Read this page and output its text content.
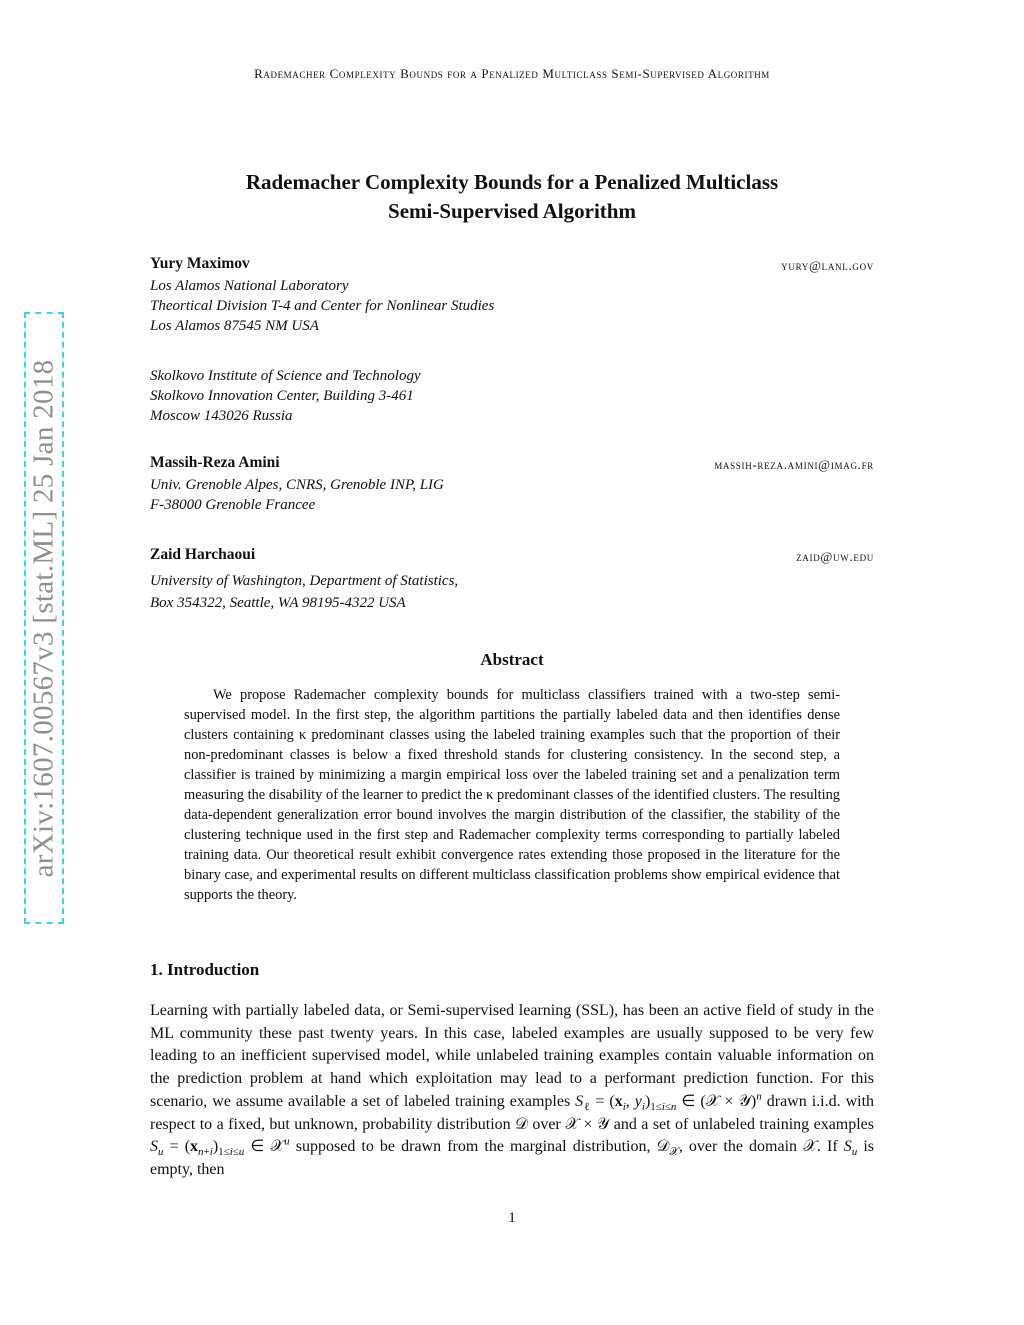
Rademacher Complexity Bounds for a Penalized Multiclass Semi-Supervised Algorithm
arXiv:1607.00567v3 [stat.ML] 25 Jan 2018
Rademacher Complexity Bounds for a Penalized Multiclass
Semi-Supervised Algorithm
Yury Maximov	yury@lanl.gov
Los Alamos National Laboratory
Theortical Division T-4 and Center for Nonlinear Studies
Los Alamos 87545 NM USA
Skolkovo Institute of Science and Technology
Skolkovo Innovation Center, Building 3-461
Moscow 143026 Russia
Massih-Reza Amini	massih-reza.amini@imag.fr
Univ. Grenoble Alpes, CNRS, Grenoble INP, LIG
F-38000 Grenoble Francee
Zaid Harchaoui	zaid@uw.edu
University of Washington, Department of Statistics,
Box 354322, Seattle, WA 98195-4322 USA
Abstract
We propose Rademacher complexity bounds for multiclass classifiers trained with a two-step semi-supervised model. In the first step, the algorithm partitions the partially labeled data and then identifies dense clusters containing κ predominant classes using the labeled training examples such that the proportion of their non-predominant classes is below a fixed threshold stands for clustering consistency. In the second step, a classifier is trained by minimizing a margin empirical loss over the labeled training set and a penalization term measuring the disability of the learner to predict the κ predominant classes of the identified clusters. The resulting data-dependent generalization error bound involves the margin distribution of the classifier, the stability of the clustering technique used in the first step and Rademacher complexity terms corresponding to partially labeled training data. Our theoretical result exhibit convergence rates extending those proposed in the literature for the binary case, and experimental results on different multiclass classification problems show empirical evidence that supports the theory.
1. Introduction
Learning with partially labeled data, or Semi-supervised learning (SSL), has been an active field of study in the ML community these past twenty years. In this case, labeled examples are usually supposed to be very few leading to an inefficient supervised model, while unlabeled training examples contain valuable information on the prediction problem at hand which exploitation may lead to a performant prediction function. For this scenario, we assume available a set of labeled training examples $S_\ell = (x_i$, $y_i)_{1\le i\le n}$ ∈ (𝒳 × 𝒴)$^n$ drawn i.i.d. with respect to a fixed, but unknown, probability distribution 𝒟 over 𝒳 × 𝒴 and a set of unlabeled training examples $S_u = (x_{n+i})_{1\le i\le u}$ ∈ 𝒳$^u$ supposed to be drawn from the marginal distribution, 𝒟$_𝒳$, over the domain 𝒳. If $S_u$ is empty, then
1
